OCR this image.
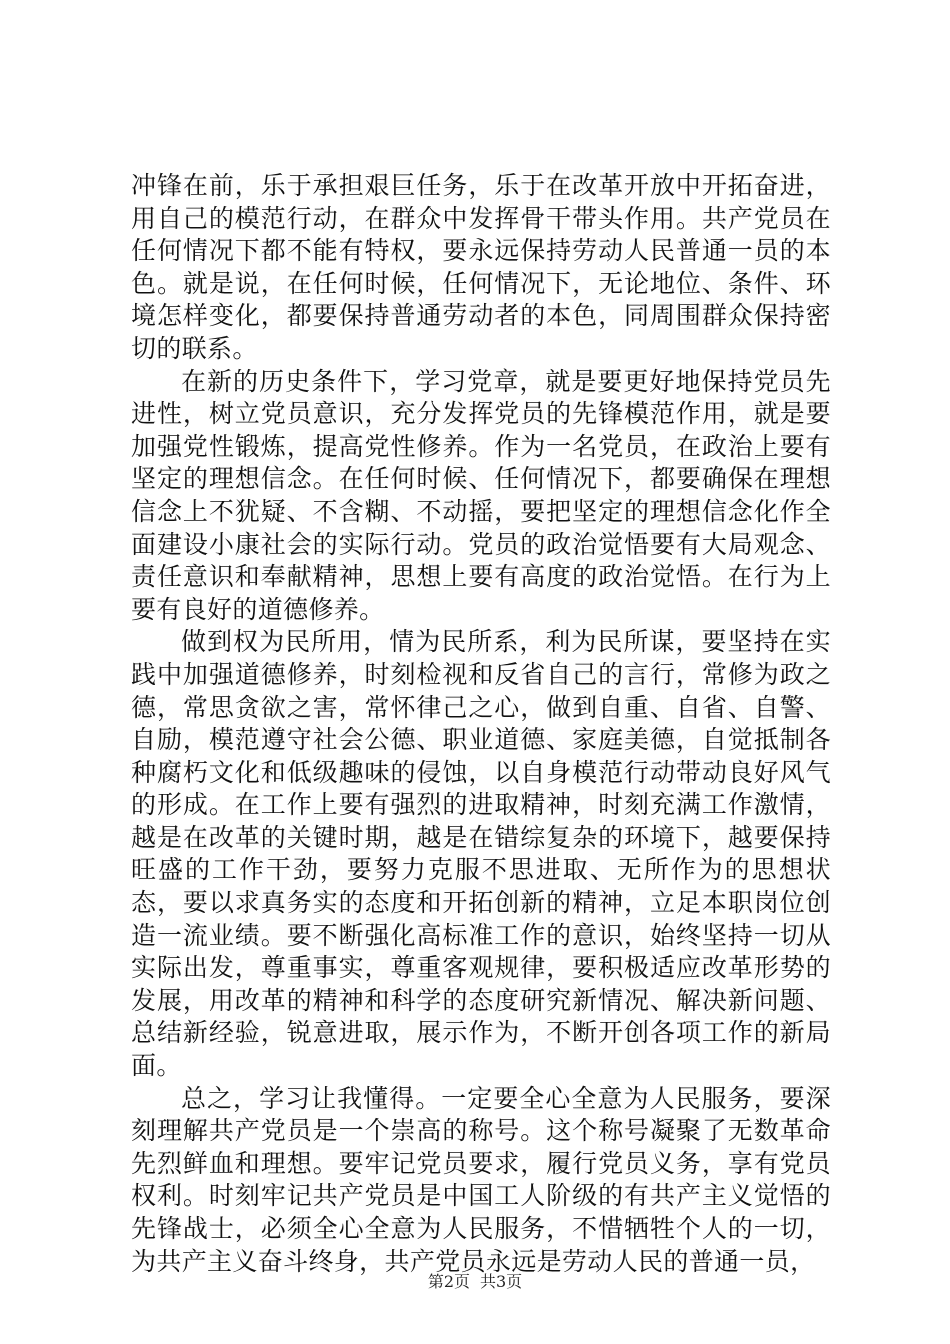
冲锋在前，乐于承担艰巨任务，乐于在改革开放中开拓奋进，用自己的模范行动，在群众中发挥骨干带头作用。共产党员在任何情况下都不能有特权，要永远保持劳动人民普通一员的本色。就是说，在任何时候，任何情况下，无论地位、条件、环境怎样变化，都要保持普通劳动者的本色，同周围群众保持密切的联系。

在新的历史条件下，学习党章，就是要更好地保持党员先进性，树立党员意识，充分发挥党员的先锋模范作用，就是要加强党性锻炼，提高党性修养。作为一名党员，在政治上要有坚定的理想信念。在任何时候、任何情况下，都要确保在理想信念上不犹疑、不含糊、不动摇，要把坚定的理想信念化作全面建设小康社会的实际行动。党员的政治觉悟要有大局观念、责任意识和奉献精神，思想上要有高度的政治觉悟。在行为上要有良好的道德修养。

做到权为民所用，情为民所系，利为民所谋，要坚持在实践中加强道德修养，时刻检视和反省自己的言行，常修为政之德，常思贪欲之害，常怀律己之心，做到自重、自省、自警、自励，模范遵守社会公德、职业道德、家庭美德，自觉抵制各种腐朽文化和低级趣味的侵蚀，以自身模范行动带动良好风气的形成。在工作上要有强烈的进取精神，时刻充满工作激情，越是在改革的关键时期，越是在错综复杂的环境下，越要保持旺盛的工作干劲，要努力克服不思进取、无所作为的思想状态，要以求真务实的态度和开拓创新的精神，立足本职岗位创造一流业绩。要不断强化高标准工作的意识，始终坚持一切从实际出发，尊重事实，尊重客观规律，要积极适应改革形势的发展，用改革的精神和科学的态度研究新情况、解决新问题、总结新经验，锐意进取，展示作为，不断开创各项工作的新局面。

总之，学习让我懂得。一定要全心全意为人民服务，要深刻理解共产党员是一个崇高的称号。这个称号凝聚了无数革命先烈鲜血和理想。要牢记党员要求，履行党员义务，享有党员权利。时刻牢记共产党员是中国工人阶级的有共产主义觉悟的先锋战士，必须全心全意为人民服务，不惜牺牲个人的一切，为共产主义奋斗终身，共产党员永远是劳动人民的普通一员，

第2页 共3页
